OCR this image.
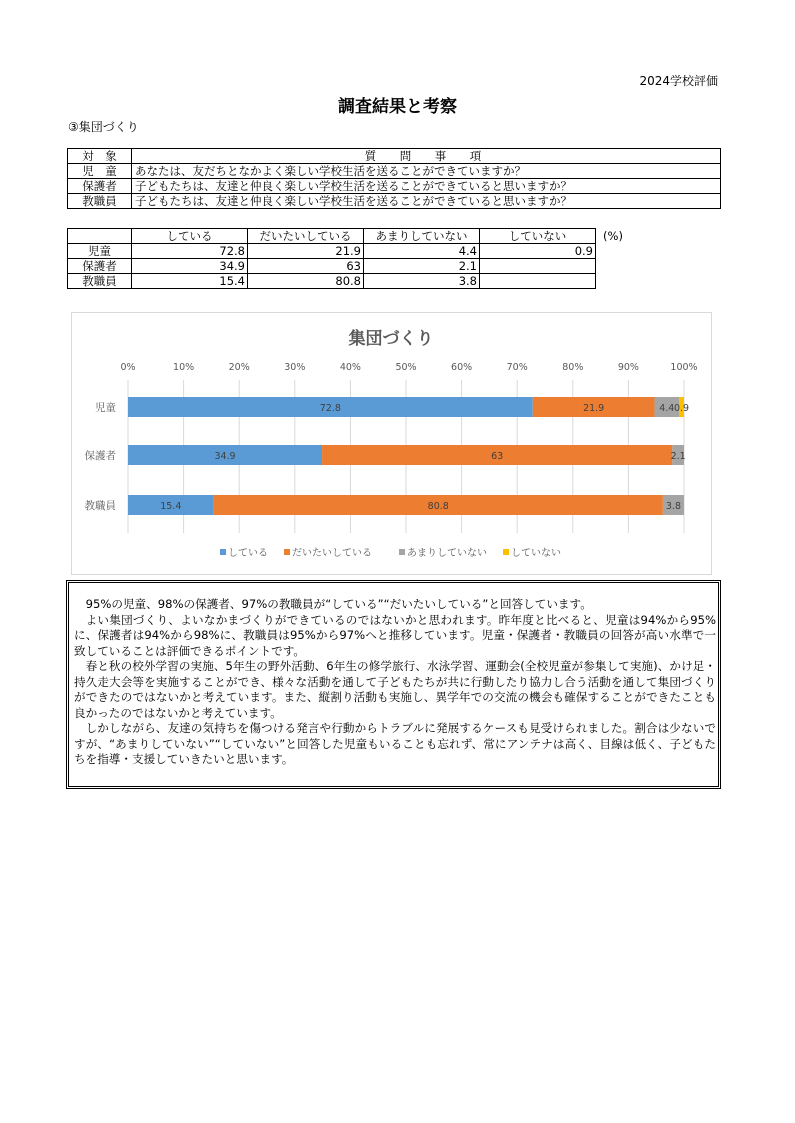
2024学校評価
調査結果と考察
③集団づくり
対　象	質　問　事　項
児　童	あなたは、友だちとなかよく楽しい学校生活を送ることができていますか？
保護者	子どもたちは、友達と仲良く楽しい学校生活を送ることができていると思いますか？
教職員	子どもたちは、友達と仲良く楽しい学校生活を送ることができていると思いますか？
	している	だいたいしている	あまりしていない	していない	(%)
児童	72.8	21.9	4.4	0.9	
保護者	34.9	63	2.1		
教職員	15.4	80.8	3.8		
集団づくり
0%	10%	20%	30%	40%	50%	60%	70%	80%	90%	100%
児童	72.8	21.9	4.4 0.9
保護者	34.9	63	2.1
教職員	15.4	80.8	3.8
している だいたいしている	あまりしていない していない

95%の児童、98%の保護者、97%の教職員が“している”“だいたいしている”と回答しています。

よい集団づくり、よいなかまづくりができているのではないかと思われます。昨年度と比べると、児童は94%から95%に、保護者は94%から98%に、教職員は95%から97%へと推移しています。児童・保護者・教職員の回答が高い水準で一致していることは評価できるポイントです。

春と秋の校外学習の実施、5年生の野外活動、6年生の修学旅行、水泳学習、運動会(全校児童が参集して実施)、かけ足・持久走大会等を実施することができ、様々な活動を通して子どもたちが共に行動したり協力し合う活動を通して集団づくりができたのではないかと考えています。また、縦割り活動も実施し、異学年での交流の機会も確保することができたことも良かったのではないかと考えています。

しかしながら、友達の気持ちを傷つける発言や行動からトラブルに発展するケースも見受けられました。割合は少ないですが、“あまりしていない”“していない”と回答した児童もいることも忘れず、常にアンテナは高く、目線は低く、子どもたちを指導・支援していきたいと思います。
